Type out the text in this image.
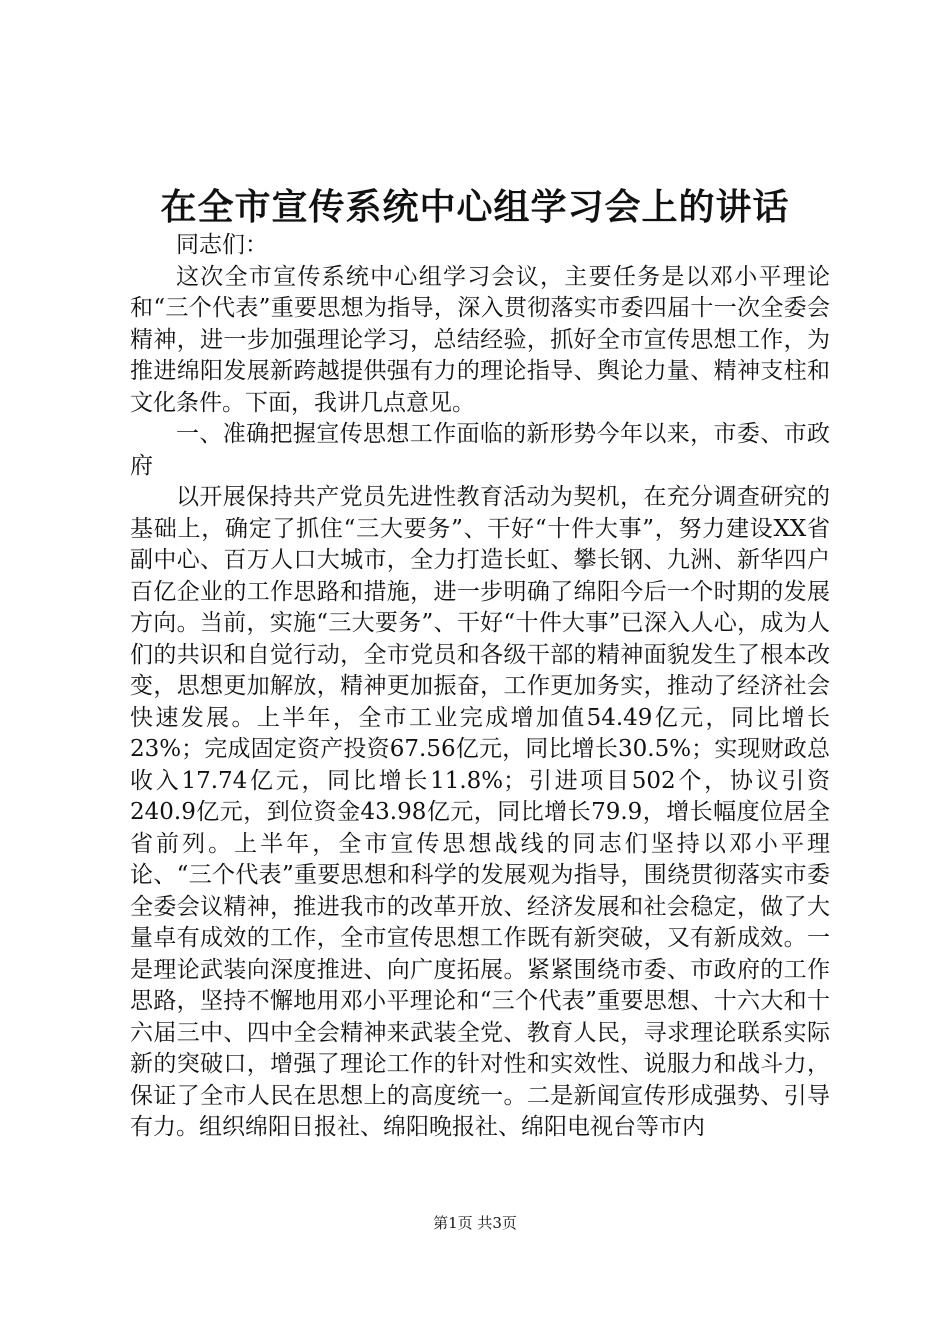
在全市宣传系统中心组学习会上的讲话

同志们：

这次全市宣传系统中心组学习会议，主要任务是以邓小平理论和“三个代表”重要思想为指导，深入贯彻落实市委四届十一次全委会精神，进一步加强理论学习，总结经验，抓好全市宣传思想工作，为推进绵阳发展新跨越提供强有力的理论指导、舆论力量、精神支柱和文化条件。下面，我讲几点意见。

一、准确把握宣传思想工作面临的新形势今年以来，市委、市政府

以开展保持共产党员先进性教育活动为契机，在充分调查研究的基础上，确定了抓住“三大要务”、干好“十件大事”，努力建设XX省副中心、百万人口大城市，全力打造长虹、攀长钢、九洲、新华四户百亿企业的工作思路和措施，进一步明确了绵阳今后一个时期的发展方向。当前，实施“三大要务”、干好“十件大事”已深入人心，成为人们的共识和自觉行动，全市党员和各级干部的精神面貌发生了根本改变，思想更加解放，精神更加振奋，工作更加务实，推动了经济社会快速发展。上半年，全市工业完成增加值54.49亿元，同比增长23%；完成固定资产投资67.56亿元，同比增长30.5%；实现财政总收入17.74亿元，同比增长11.8%；引进项目502个，协议引资240.9亿元，到位资金43.98亿元，同比增长79.9，增长幅度位居全省前列。上半年，全市宣传思想战线的同志们坚持以邓小平理论、“三个代表”重要思想和科学的发展观为指导，围绕贯彻落实市委全委会议精神，推进我市的改革开放、经济发展和社会稳定，做了大量卓有成效的工作，全市宣传思想工作既有新突破，又有新成效。一是理论武装向深度推进、向广度拓展。紧紧围绕市委、市政府的工作思路，坚持不懈地用邓小平理论和“三个代表”重要思想、十六大和十六届三中、四中全会精神来武装全党、教育人民，寻求理论联系实际新的突破口，增强了理论工作的针对性和实效性、说服力和战斗力，保证了全市人民在思想上的高度统一。二是新闻宣传形成强势、引导有力。组织绵阳日报社、绵阳晚报社、绵阳电视台等市内

第1页 共3页
